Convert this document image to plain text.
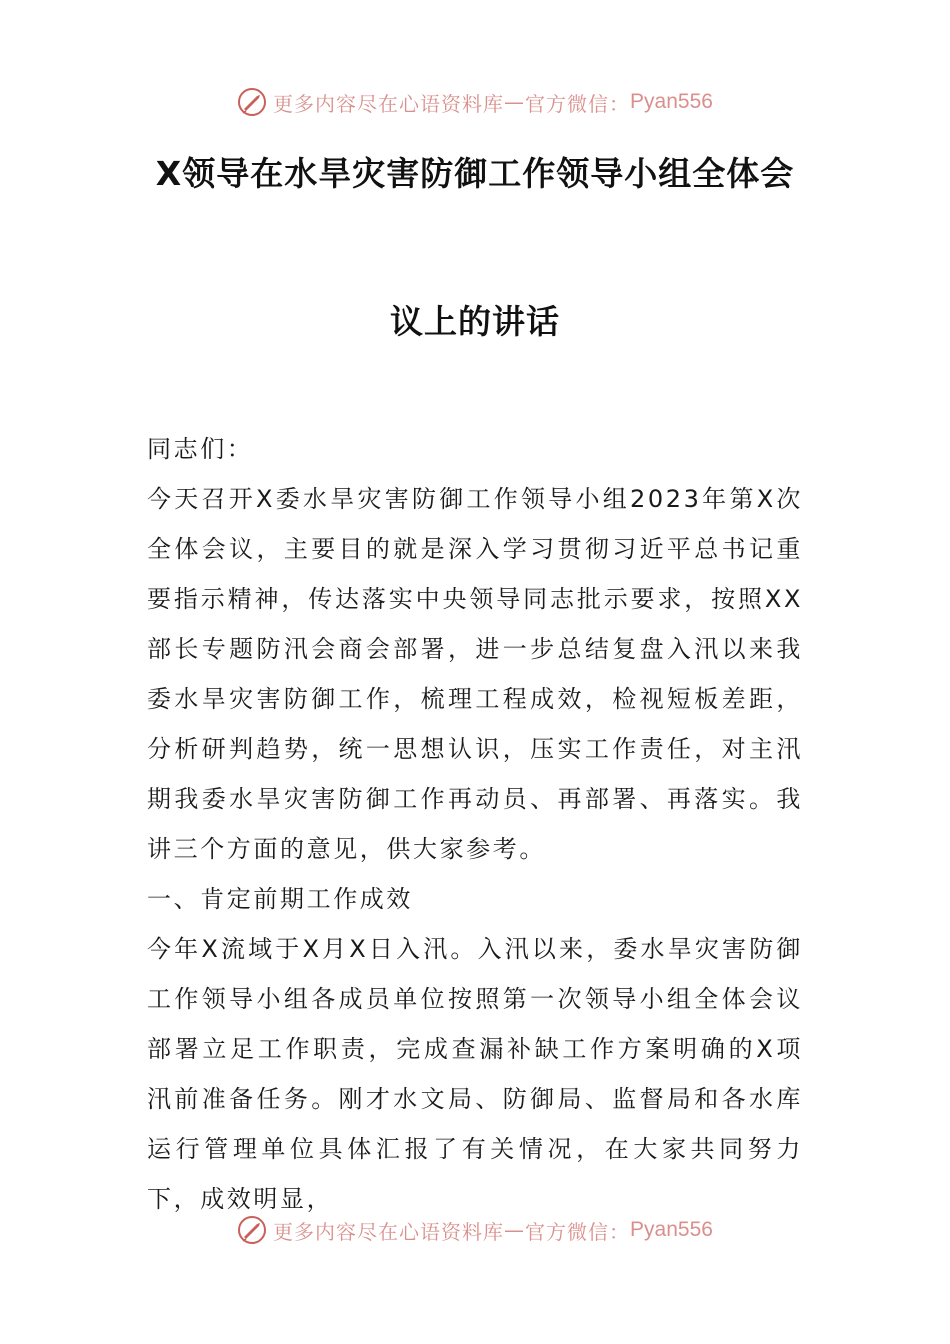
更多内容尽在心语资料库 — 官方微信： Pyan556
X领导在水旱灾害防御工作领导小组全体会
议上的讲话

同志们：

今天召开X委水旱灾害防御工作领导小组2023年第X次全体会议，主要目的就是深入学习贯彻习近平总书记重要指示精神，传达落实中央领导同志批示要求，按照XX部长专题防汛会商会部署，进一步总结复盘入汛以来我委水旱灾害防御工作，梳理工程成效，检视短板差距，分析研判趋势，统一思想认识，压实工作责任，对主汛期我委水旱灾害防御工作再动员、再部署、再落实。我讲三个方面的意见，供大家参考。

一、肯定前期工作成效

今年X流域于X月X日入汛。入汛以来，委水旱灾害防御工作领导小组各成员单位按照第一次领导小组全体会议部署立足工作职责，完成查漏补缺工作方案明确的X项汛前准备任务。刚才水文局、防御局、监督局和各水库运行管理单位具体汇报了有关情况，在大家共同努力下，成效明显，

更多内容尽在心语资料库 — 官方微信： Pyan556
